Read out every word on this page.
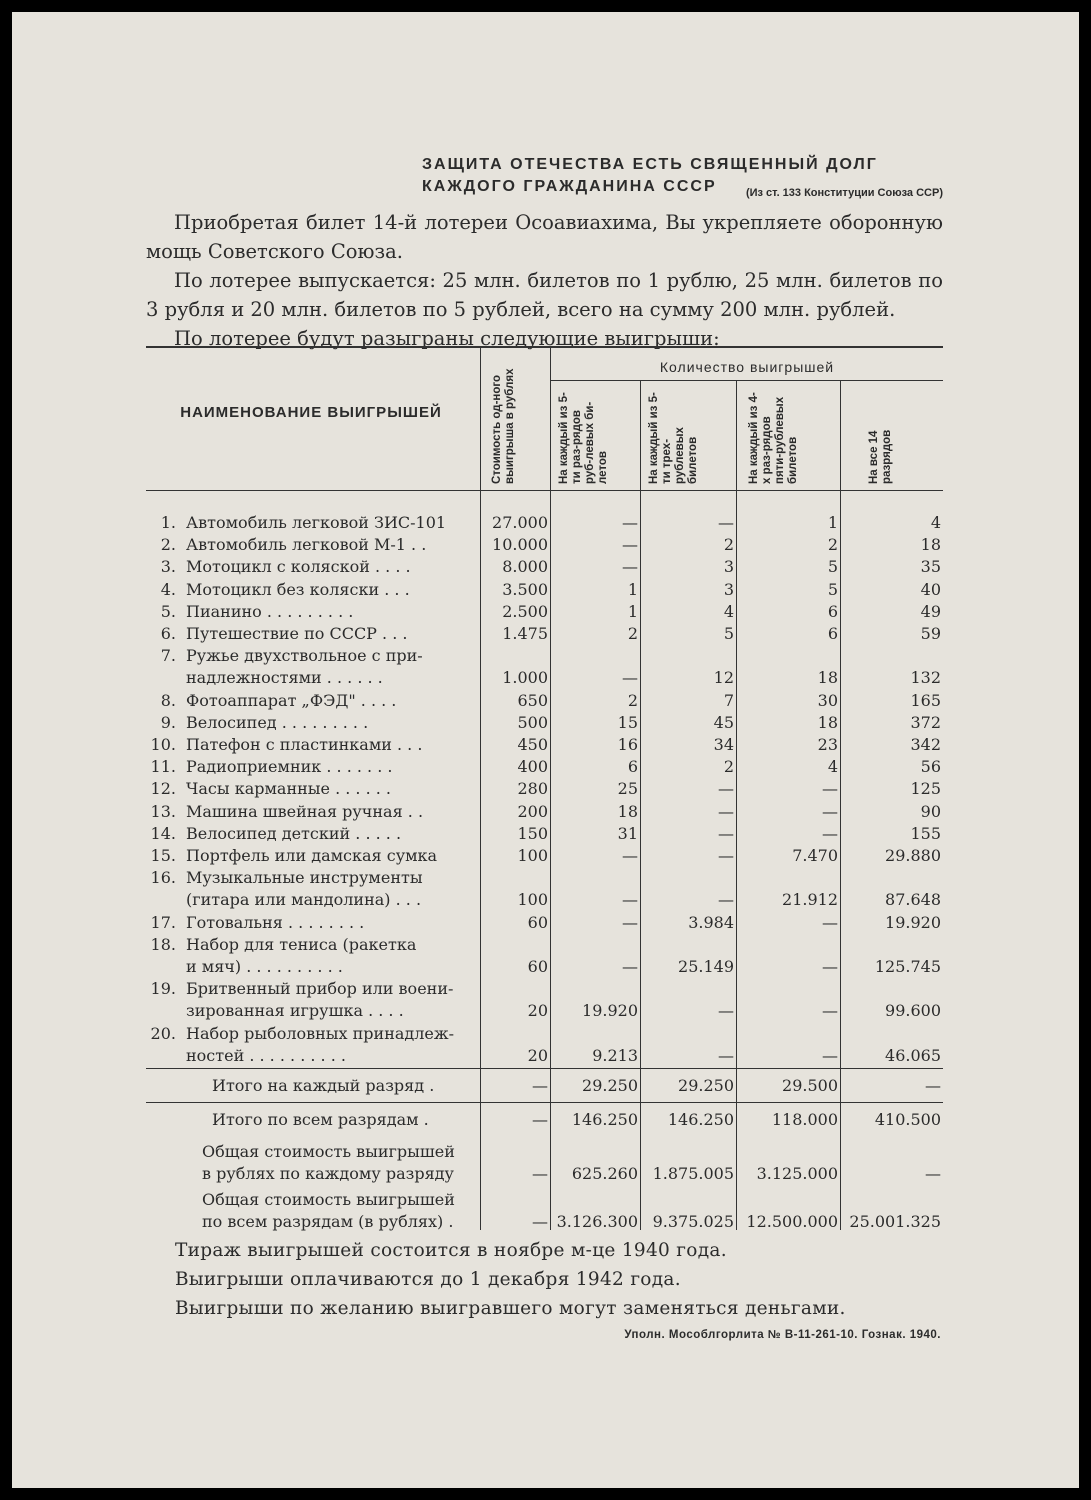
ЗАЩИТА ОТЕЧЕСТВА ЕСТЬ СВЯЩЕННЫЙ ДОЛГ
КАЖДОГО ГРАЖДАНИНА СССР	(Из ст. 133 Конституции Союза ССР)

Приобретая билет 14-й лотереи Осоавиахима, Вы укрепляете оборонную мощь Советского Союза.

По лотерее выпускается: 25 млн. билетов по 1 рублю, 25 млн. билетов по 3 рубля и 20 млн. билетов по 5 рублей, всего на сумму 200 млн. рублей.

По лотерее будут разыграны следующие выигрыши:

НАИМЕНОВАНИЕ ВЫИГРЫШЕЙ
Количество выигрышей
Стоимость од-ного выигрыша в рублях	На каждый из 5-ти раз-рядов руб-левых би-летов	На каждый из 5-ти трех-рублевых билетов	На каждый из 4-х раз-рядов пяти-рублевых билетов	На все 14 разрядов
1. Автомобиль легковой ЗИС-101	27.000	—	—	1	4
2. Автомобиль легковой М-1 . .	10.000	—	2	2	18
3. Мотоцикл с коляской . . . .	8.000	—	3	5	35
4. Мотоцикл без коляски . . .	3.500	1	3	5	40
5. Пианино . . . . . . . . .	2.500	1	4	6	49
6. Путешествие по СССР . . .	1.475	2	5	6	59
7. Ружье двухствольное с при-
надлежностями . . . . . .	1.000	—	12	18	132
8. Фотоаппарат „ФЭД" . . . .	650	2	7	30	165
9. Велосипед . . . . . . . . .	500	15	45	18	372
10. Патефон с пластинками . . .	450	16	34	23	342
11. Радиоприемник . . . . . . .	400	6	2	4	56
12. Часы карманные . . . . . .	280	25	—	—	125
13. Машина швейная ручная . .	200	18	—	—	90
14. Велосипед детский . . . . .	150	31	—	—	155
15. Портфель или дамская сумка	100	—	—	7.470	29.880
16. Музыкальные инструменты
(гитара или мандолина) . . .	100	—	—	21.912	87.648
17. Готовальня . . . . . . . .	60	—	3.984	—	19.920
18. Набор для тениса (ракетка
и мяч) . . . . . . . . . .	60	—	25.149	— 125.745
19. Бритвенный прибор или воени-
зированная игрушка . . . .	20 19.920	—	—	99.600
20. Набор рыболовных принадлеж-
ностей . . . . . . . . . .	20	9.213	—	—	46.065
Итого на каждый разряд .	— 29.250	29.250	29.500	—
Итого по всем разрядам .	— 146.250 146.250 118.000 410.500
Общая стоимость выигрышей
в рублях по каждому разряду	— 625.260 1.875.005 3.125.000	—
Общая стоимость выигрышей
по всем разрядам (в рублях) .	— 3.126.300 9.375.025 12.500.000 25.001.325
Тираж выигрышей состоится в ноябре м-це 1940 года.
Выигрыши оплачиваются до 1 декабря 1942 года.
Выигрыши по желанию выигравшего могут заменяться деньгами.
Уполн. Мособлгорлита № В-11-261-10. Гознак. 1940.
